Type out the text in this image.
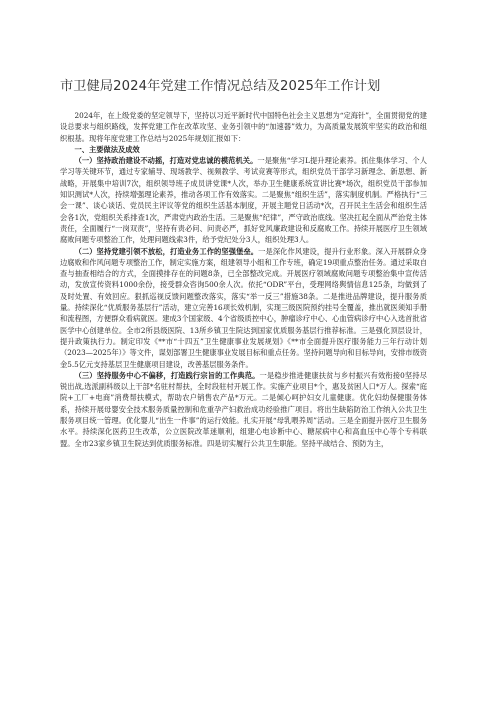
市卫健局2024年党建工作情况总结及2025年工作计划

2024年，在上级党委的坚定领导下，坚持以习近平新时代中国特色社会主义思想为“定海针”，全面贯彻党的建设总要求与组织路线，发挥党建工作在改革攻坚、业务引领中的“加速器”效力，为高质量发展筑牢坚实的政治和组织根基。现将年度党建工作总结与2025年规划汇报如下：

一、主要做法及成效

（一）坚持政治建设不动摇，打造对党忠诚的模范机关。一是聚焦“学习L提升理论素养。抓住集体学习、个人学习等关键环节，通过专家辅导、现场教学、视频教学、考试竞赛等形式，组织党员干部学习新理念、新思想、新战略，开展集中培训7次，组织领导班子成员讲党课*人次，举办卫生健康系统宣讲比赛*场次，组织党员干部参加知识测试*人次，持续增强理论素养，推动各项工作有效落实。二是聚焦“组织生活”，落实制度机制。严格执行“三会一课”、谈心谈话、党员民主评议等党的组织生活基本制度，开展主题党日活动*次，召开民主生活会和组织生活会各1次，党组织关系排查1次，严肃党内政治生活。三是聚焦“纪律”，严守政治底线。坚决扛起全面从严治党主体责任，全面履行“一岗双责”，坚持有责必问、问责必严，抓好党风廉政建设和反腐败工作。持续开展医疗卫生领域腐败问题专项整治工作，处理问题线索3件，给予党纪处分3人，组织处理3人。

（二）坚持党建引领不放松，打造业务工作的坚强堡垒。一是深化作风建设，提升行业形象。深入开展群众身边腐败和作风问题专项整治工作，制定实施方案，组建领导小组和工作专班，确定19项重点整治任务。通过采取自查与抽查相结合的方式，全面摸排存在的问题8条，已全部整改完成。开展医疗领域腐败问题专项整治集中宣传活动，发放宣传资料1000余份，接受群众咨询500余人次。依托“ODR”平台，受理网络舆情信息125条，均做到了及时处置、有效回应。狠抓巡视反馈问题整改落实，落实“举一反三”措施38条。二是推进品牌建设，提升服务质量。持续深化“优质服务基层行”活动，建立完善16项长效机制，实现三级医院预约挂号全覆盖，推出就医须知手册和流程图，方便群众看病就医。建成3个国家级、4个省级质控中心，肿瘤诊疗中心、心血管病诊疗中心入选首批省医学中心创建单位。全市2所县级医院、13所乡镇卫生院达到国家优质服务基层行推荐标准。三是强化顶层设计，提升政策执行力。制定印发《**市“十四五”卫生健康事业发展规划》《**市全面提升医疗服务能力三年行动计划（2023—2025年）》等文件，谋划部署卫生健康事业发展目标和重点任务。坚持问题导向和目标导向，安排市级资金5.5亿元支持基层卫生健康项目建设，改善基层服务条件。

（三）坚持服务中心不偏移，打造践行宗旨的工作典范。一是稳步推进健康扶贫与乡村振兴有效衔接0坚持尽锐出战,选派副科级以上干部*名驻村帮扶，全时段驻村开展工作。实施产业项目*个，惠及贫困人口*万人。探索“庭院+工厂+电商”消费帮扶模式，帮助农户销售农产品*万元。二是倾心呵护妇女儿童健康。优化妇幼保健服务体系，持续开展母婴安全技术服务质量控制和危重孕产妇救治成功经验推广项目。将出生缺陷防治工作纳入公共卫生服务项目统一管理。优化婴儿“出生一件事”的运行效能。扎实开展“母乳喂养周”活动。三是全面提升医疗卫生服务水平。持续深化医药卫生改革，公立医院改革迷顺利，组建心电诊断中心、糖尿病中心和高血压中心等个专科联盟。全市23家乡镇卫生院达到优质服务标准。四是切实履行公共卫生职能。坚持平战结合、预防为主，
